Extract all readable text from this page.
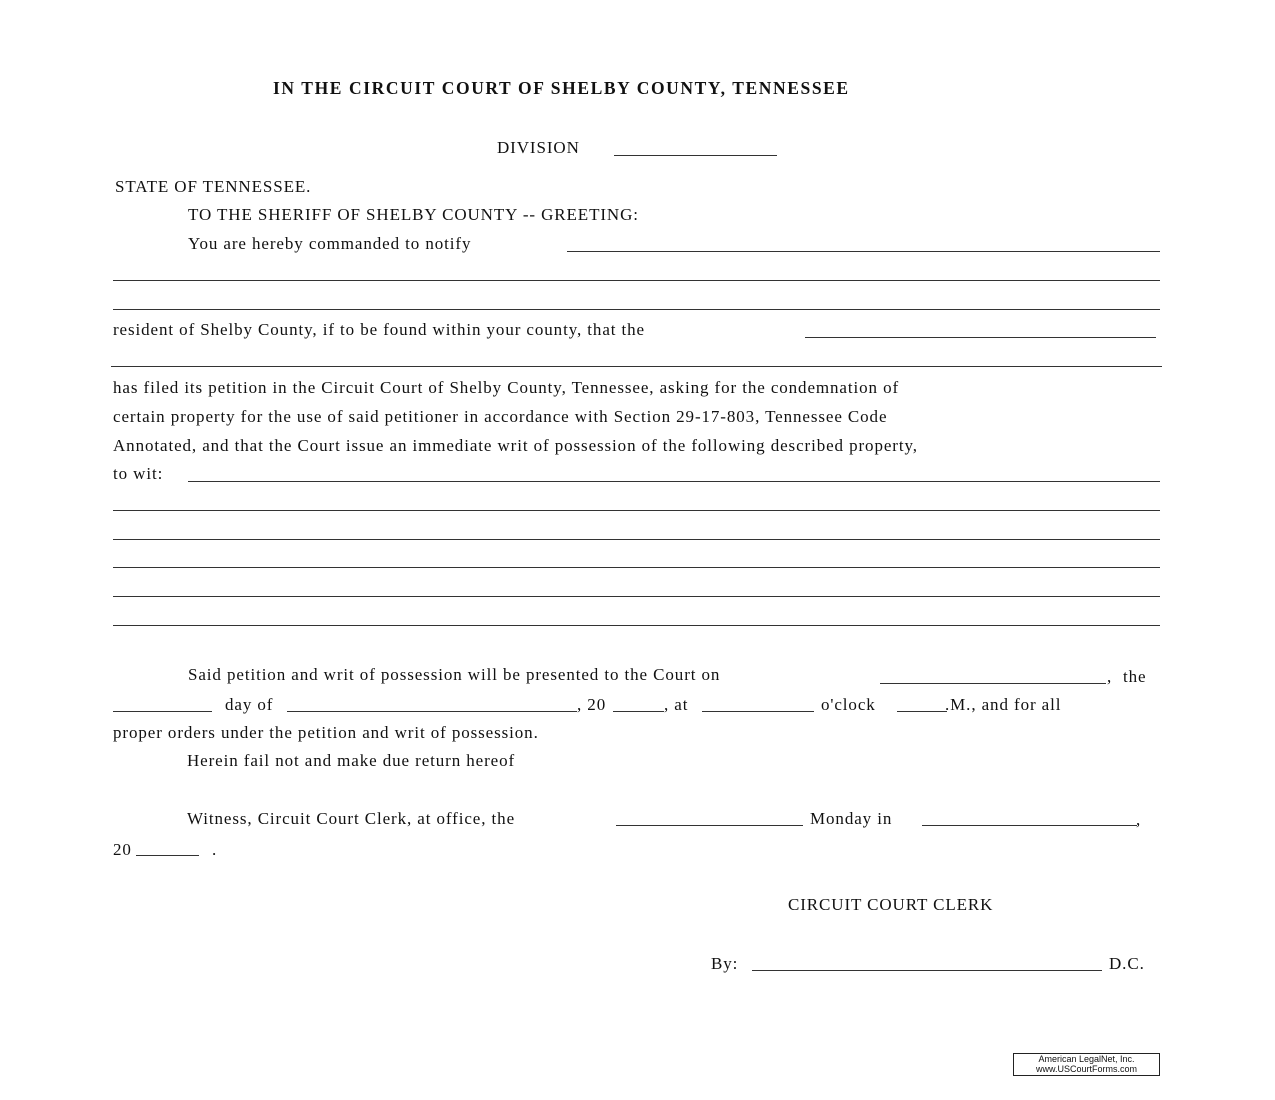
IN THE CIRCUIT COURT OF SHELBY COUNTY, TENNESSEE
DIVISION
STATE OF TENNESSEE.
TO THE SHERIFF OF SHELBY COUNTY -- GREETING:
You are hereby commanded to notify
resident of Shelby County, if to be found within your county, that the
has filed its petition in the Circuit Court of Shelby County, Tennessee, asking for the condemnation of
certain property for the use of said petitioner in accordance with Section 29-17-803, Tennessee Code
Annotated, and that the Court issue an immediate writ of possession of the following described property,
to wit:
Said petition and writ of possession will be presented to the Court on	, the
day of	, 20	, at	o'clock	.M., and for all
proper orders under the petition and writ of possession.
Herein fail not and make due return hereof
Witness, Circuit Court Clerk, at office, the	Monday in	,
20	.
CIRCUIT COURT CLERK
By:	D.C.
American LegalNet, Inc.
www.USCourtForms.com
